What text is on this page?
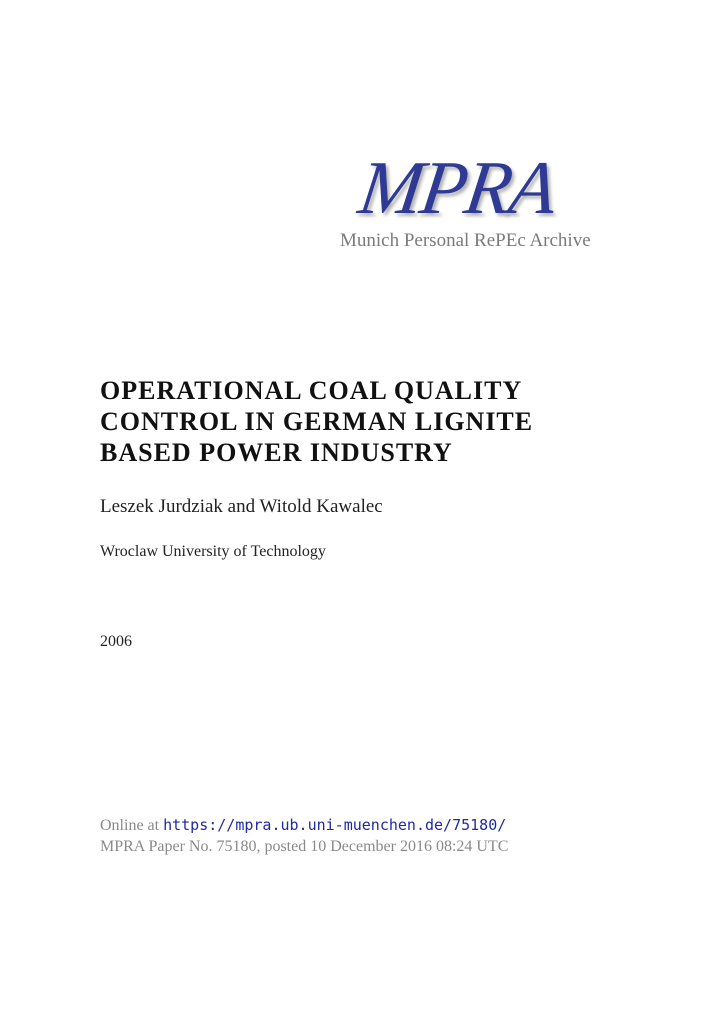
MPRA
Munich Personal RePEc Archive
OPERATIONAL COAL QUALITY
CONTROL IN GERMAN LIGNITE
BASED POWER INDUSTRY
Leszek Jurdziak and Witold Kawalec
Wroclaw University of Technology
2006
Online at https://mpra.ub.uni-muenchen.de/75180/
MPRA Paper No. 75180, posted 10 December 2016 08:24 UTC
